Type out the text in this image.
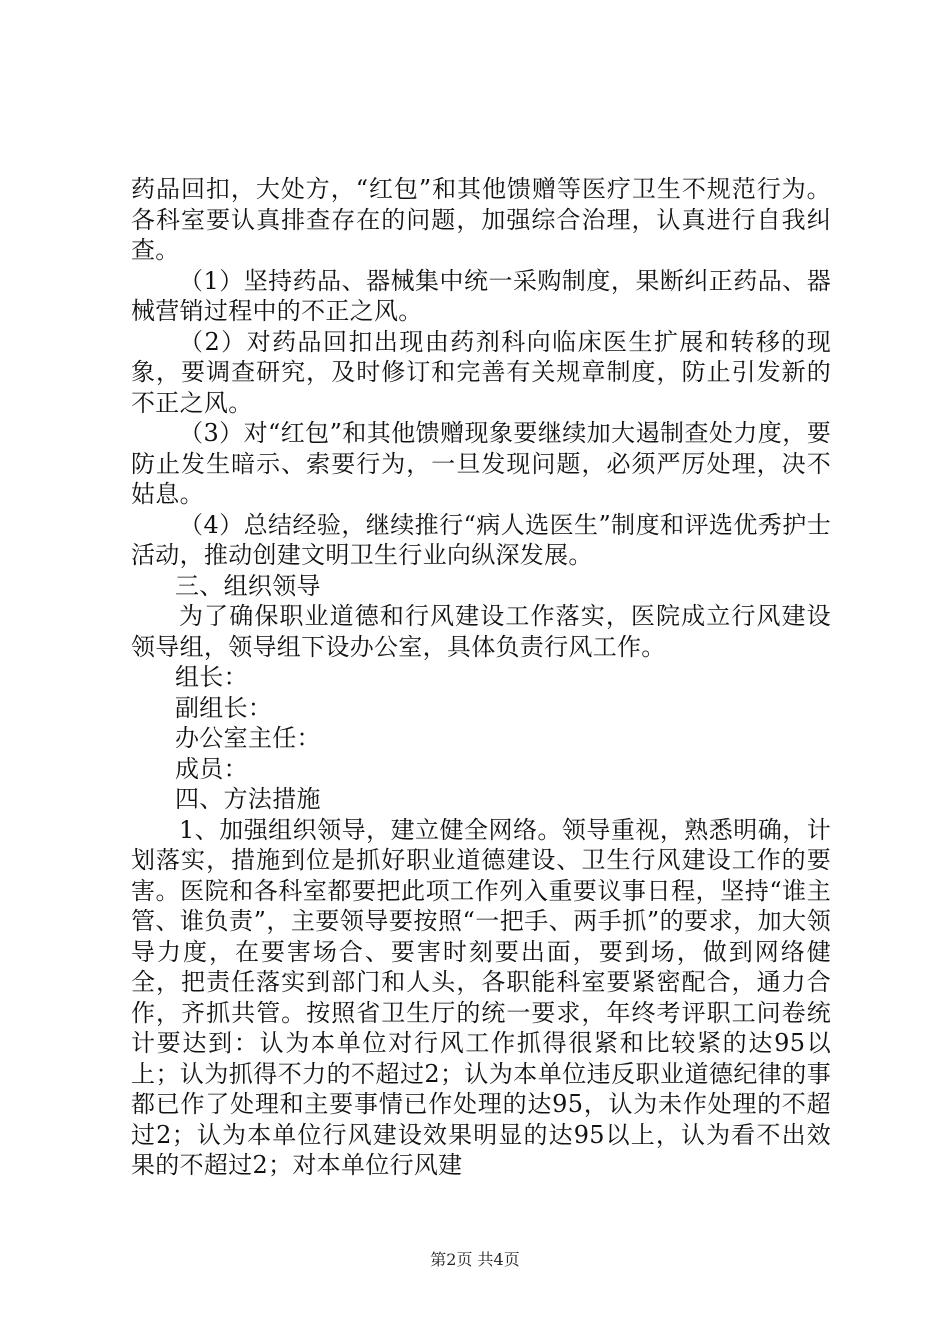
药品回扣，大处方，“红包”和其他馈赠等医疗卫生不规范行为。各科室要认真排查存在的问题，加强综合治理，认真进行自我纠查。

（1）坚持药品、器械集中统一采购制度，果断纠正药品、器械营销过程中的不正之风。

（2）对药品回扣出现由药剂科向临床医生扩展和转移的现象，要调查研究，及时修订和完善有关规章制度，防止引发新的不正之风。

（3）对“红包”和其他馈赠现象要继续加大遏制查处力度，要防止发生暗示、索要行为，一旦发现问题，必须严厉处理，决不姑息。

（4）总结经验，继续推行“病人选医生”制度和评选优秀护士活动，推动创建文明卫生行业向纵深发展。

三、组织领导

为了确保职业道德和行风建设工作落实，医院成立行风建设领导组，领导组下设办公室，具体负责行风工作。

组长：

副组长：

办公室主任：

成员：

四、方法措施

1、加强组织领导，建立健全网络。领导重视，熟悉明确，计划落实，措施到位是抓好职业道德建设、卫生行风建设工作的要害。医院和各科室都要把此项工作列入重要议事日程，坚持“谁主管、谁负责”，主要领导要按照“一把手、两手抓”的要求，加大领导力度，在要害场合、要害时刻要出面，要到场，做到网络健全，把责任落实到部门和人头，各职能科室要紧密配合，通力合作，齐抓共管。按照省卫生厅的统一要求，年终考评职工问卷统计要达到：认为本单位对行风工作抓得很紧和比较紧的达95以上；认为抓得不力的不超过2；认为本单位违反职业道德纪律的事都已作了处理和主要事情已作处理的达95，认为未作处理的不超过2；认为本单位行风建设效果明显的达95以上，认为看不出效果的不超过2；对本单位行风建

第2页 共4页
